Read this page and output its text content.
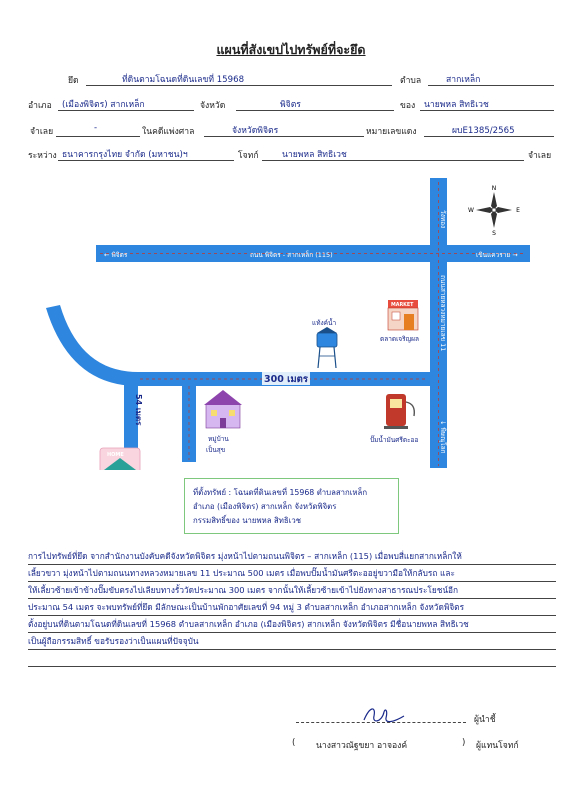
แผนที่สังเขปไปทรัพย์ที่จะยึด
ยึด	ที่ดินตามโฉนดที่ดินเลขที่ 15968	ตำบล	สากเหล็ก
อำเภอ (เมืองพิจิตร) สากเหล็ก	จังหวัด	พิจิตร	ของ นายพหล สิทธิเวช
จำเลย	-	ในคดีแพ่งศาล	จังหวัดพิจิตร	หมายเลขแดง	ผบE1385/2565
ระหว่าง ธนาคารกรุงไทย จำกัด (มหาชน)ฯ	โจทก์	นายพหล สิทธิเวช	จำเลย
N
S
E
W
← พิจิตร	ถนน พิจิตร - สากเหล็ก (115)	เขินแควราย →
วังทอง
ถนนสายหลวงหมายเลข 11
↓ พิษณุโลก
300 เมตร
54 เมตร
แท้งค์น้ำ
MARKET
ตลาดเจริญผล
หมู่บ้าน
เป็นสุข
ปั๊มน้ำมันศรีตะออ
HOME
ที่ตั้งทรัพย์ : โฉนดที่ดินเลขที่ 15968 ตำบลสากเหล็ก
อำเภอ (เมืองพิจิตร) สากเหล็ก จังหวัดพิจิตร
กรรมสิทธิ์ของ นายพหล สิทธิเวช
การไปทรัพย์ที่ยึด จากสำนักงานบังคับคดีจังหวัดพิจิตร มุ่งหน้าไปตามถนนพิจิตร – สากเหล็ก (115) เมื่อพบสี่แยกสากเหล็กให้
เลี้ยวขวา มุ่งหน้าไปตามถนนทางหลวงหมายเลข 11 ประมาณ 500 เมตร เมื่อพบปั๊มน้ำมันศรีตะออยู่ขวามือให้กลับรถ และ
ให้เลี้ยวซ้ายเข้าข้างปั๊มขับตรงไปเลียบทางรั้ววัดประมาณ 300 เมตร จากนั้นให้เลี้ยวซ้ายเข้าไปยังทางสาธารณประโยชน์อีก
ประมาณ 54 เมตร จะพบทรัพย์ที่ยึด มีลักษณะเป็นบ้านพักอาศัยเลขที่ 94 หมู่ 3 ตำบลสากเหล็ก อำเภอสากเหล็ก จังหวัดพิจิตร
ตั้งอยู่บนที่ดินตามโฉนดที่ดินเลขที่ 15968 ตำบลสากเหล็ก อำเภอ (เมืองพิจิตร) สากเหล็ก จังหวัดพิจิตร มีชื่อนายพหล สิทธิเวช
เป็นผู้ถือกรรมสิทธิ์ ขอรับรองว่าเป็นแผนที่ปัจจุบัน
ผู้นำชี้
( นางสาวณัฐขยา อาจองค์	) ผู้แทนโจทก์
